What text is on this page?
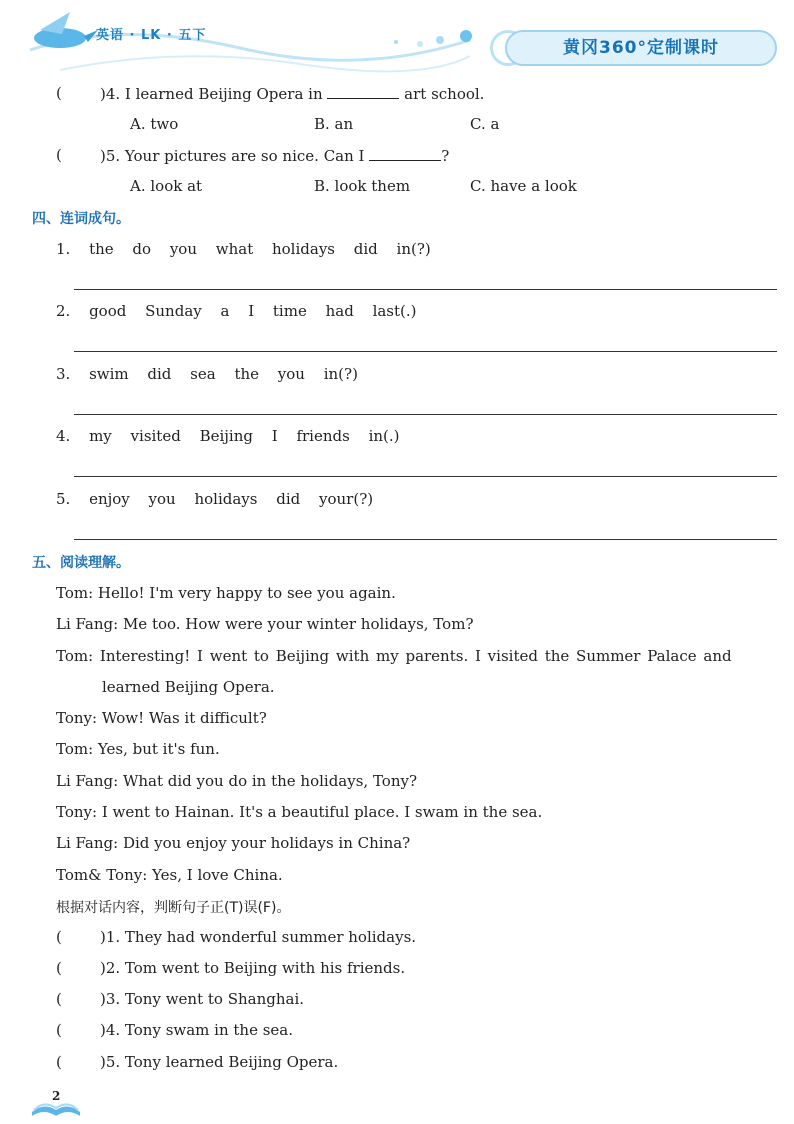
英语 · LK · 五下
黄冈360°定制课时
(	)4. I learned Beijing Opera in	art school.
A. two	B. an	C. a
(	)5. Your pictures are so nice. Can I	?
A. look at	B. look them	C. have a look
四、连词成句。
1. the do you what holidays did in(?)
2. good Sunday a I time had last(.)
3. swim did sea the you in(?)
4. my visited Beijing I friends in(.)
5. enjoy you holidays did your(?)
五、阅读理解。
Tom: Hello! I'm very happy to see you again.
Li Fang: Me too. How were your winter holidays, Tom?
Tom: Interesting! I went to Beijing with my parents. I visited the Summer Palace and
learned Beijing Opera.
Tony: Wow! Was it difficult?
Tom: Yes, but it's fun.
Li Fang: What did you do in the holidays, Tony?
Tony: I went to Hainan. It's a beautiful place. I swam in the sea.
Li Fang: Did you enjoy your holidays in China?
Tom& Tony: Yes, I love China.
根据对话内容，判断句子正(T)误(F)。
(	)1. They had wonderful summer holidays.
(	)2. Tom went to Beijing with his friends.
(	)3. Tony went to Shanghai.
(	)4. Tony swam in the sea.
(	)5. Tony learned Beijing Opera.
2
